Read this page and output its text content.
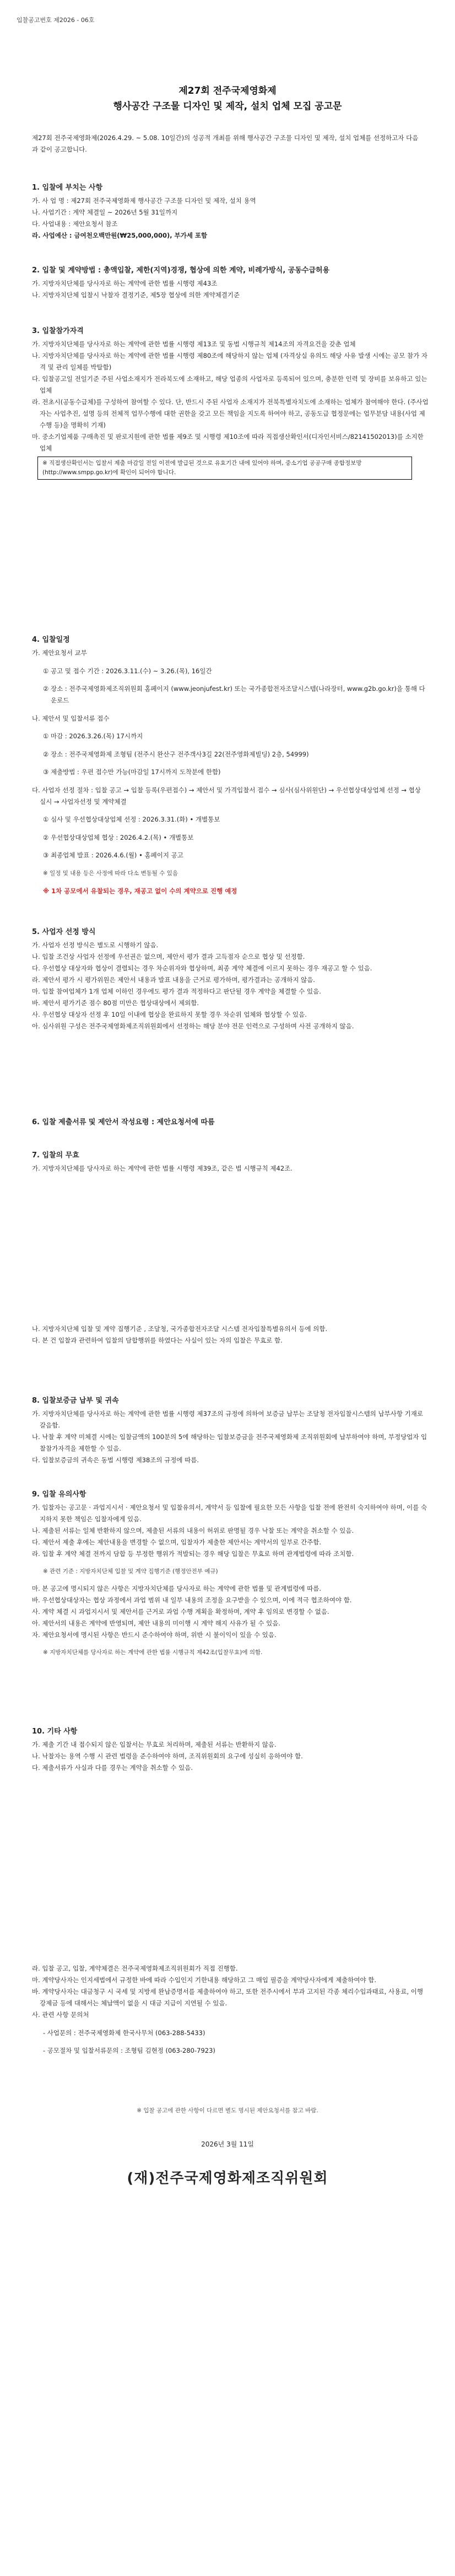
입찰공고번호 제2026 - 06호
제27회 전주국제영화제
행사공간 구조물 디자인 및 제작, 설치 업체 모집 공고문
제27회 전주국제영화제(2026.4.29. ~ 5.08. 10일간)의 성공적 개최를 위해 행사공간 구조물 디자인 및 제작, 설치 업체를 선정하고자 다음과 같이 공고합니다.
1. 입찰에 부치는 사항

가. 사 업 명 : 제27회 전주국제영화제 행사공간 구조물 디자인 및 제작, 설치 용역

나. 사업기간 : 계약 체결일 ~ 2026년 5월 31일까지

다. 사업내용 : 제안요청서 참조

라. 사업예산 : 금여천오백만원(₩25,000,000), 부가세 포함

2. 입찰 및 계약방법 : 총액입찰, 제한(지역)경쟁, 협상에 의한 계약, 비례가방식, 공동수급허용

가. 지방자치단체를 당사자로 하는 계약에 관한 법률 시행령 제43조

나. 지방자치단체 입찰시 낙찰자 결정기준, 제5장 협상에 의한 계약체결기준

3. 입찰참가자격

가. 지방자치단체를 당사자로 하는 계약에 관한 법률 시행령 제13조 및 동법 시행규칙 제14조의 자격요건을 갖춘 업체

나. 지방자치단체를 당사자로 하는 계약에 관한 법률 시행령 제80조에 해당하지 않는 업체 (자격상실 유의도 해당 사유 발생 시에는 공모 참가 자격 및 관리 일체를 박탈함)

다. 입찰공고일 전일기준 주된 사업소재지가 전라북도에 소재하고, 해당 업종의 사업자로 등록되어 있으며, 충분한 인력 및 장비를 보유하고 있는 업체

라. 전초시(공동수급체)를 구성하여 참여할 수 있다. 단, 반드시 주된 사업자 소재지가 전북특별자치도에 소재하는 업체가 참여해야 한다. (주사업자는 사업추진, 설명 등의 전체적 업무수행에 대한 권한을 갖고 모든 책임을 지도록 하여야 하고, 공동도급 협정문에는 업무분담 내용(사업 제수행 등)을 명확히 기재)

마. 중소기업제품 구매촉진 및 판로지원에 관한 법률 제9조 및 시행령 제10조에 따라 직접생산확인서(디자인서비스/82141502013)를 소지한 업체

※ 직접생산확인서는 입찰서 제출 마감일 전일 이전에 발급된 것으로 유효기간 내에 있어야 하며, 중소기업 공공구매 종합정보망(http://www.smpp.go.kr)에 확인이 되어야 합니다.
4. 입찰일정

가. 제안요청서 교부

① 공고 및 접수 기간 : 2026.3.11.(수) ~ 3.26.(목), 16일간

② 장소 : 전주국제영화제조직위원회 홈페이지 (www.jeonjufest.kr) 또는 국가종합전자조달시스템(나라장터, www.g2b.go.kr)을 통해 다운로드

나. 제안서 및 입찰서류 접수

① 마감 : 2026.3.26.(목) 17시까지

② 장소 : 전주국제영화제 조형팀 (전주시 완산구 전주객사3길 22(전주영화제빌딩) 2층, 54999)

③ 제출방법 : 우편 접수만 가능(마감일 17시까지 도착분에 한함)

다. 사업자 선정 절차 : 입찰 공고 → 입찰 등록(우편접수) → 제안서 및 가격입찰서 접수 → 심사(심사위원단) → 우선협상대상업체 선정 → 협상 실시 → 사업자선정 및 계약체결

① 심사 및 우선협상대상업체 선정 : 2026.3.31.(화) • 개별통보

② 우선협상대상업체 협상 : 2026.4.2.(목) • 개별통보

③ 최종업체 발표 : 2026.4.6.(월) • 홈페이지 공고

※ 일정 및 내용 등은 사정에 따라 다소 변동될 수 있음

※ 1차 공모에서 유찰되는 경우, 재공고 없이 수의 계약으로 진행 예정

5. 사업자 선정 방식

가. 사업자 선정 방식은 별도로 시행하기 않음.

나. 입찰 조건상 사업자 선정에 우선권은 없으며, 제안서 평가 결과 고득점자 순으로 협상 및 선정함.

다. 우선협상 대상자와 협상이 결렬되는 경우 차순위자와 협상하며, 최종 계약 체결에 이르지 못하는 경우 재공고 할 수 있음.

라. 제안서 평가 시 평가위원은 제안서 내용과 발표 내용을 근거로 평가하며, 평가결과는 공개하지 않음.

마. 입찰 참여업체가 1개 업체 이하인 경우에도 평가 결과 적정하다고 판단될 경우 계약을 체결할 수 있음.

바. 제안서 평가기준 점수 80점 미만은 협상대상에서 제외함.

사. 우선협상 대상자 선정 후 10일 이내에 협상을 완료하지 못할 경우 차순위 업체와 협상할 수 있음.

아. 심사위원 구성은 전주국제영화제조직위원회에서 선정하는 해당 분야 전문 인력으로 구성하며 사전 공개하지 않음.

6. 입찰 제출서류 및 제안서 작성요령 : 제안요청서에 따름
7. 입찰의 무효

가. 지방자치단체를 당사자로 하는 계약에 관한 법률 시행령 제39조, 같은 법 시행규칙 제42조.

나. 지방자치단체 입찰 및 계약 집행기준 , 조달청, 국가종합전자조달 시스템 전자입찰특별유의서 등에 의함.

다. 본 건 입찰과 관련하여 입찰의 담합행위를 하였다는 사실이 있는 자의 입찰은 무효로 함.

8. 입찰보증금 납부 및 귀속

가. 지방자치단체를 당사자로 하는 계약에 관한 법률 시행령 제37조의 규정에 의하여 보증금 납부는 조달청 전자입찰시스템의 납부사항 기재로 갈음함.

나. 낙찰 후 계약 미체결 시에는 입찰금액의 100분의 5에 해당하는 입찰보증금을 전주국제영화제 조직위원회에 납부하여야 하며, 부정당업자 입찰참가자격을 제한할 수 있음.

다. 입찰보증금의 귀속은 동법 시행령 제38조의 규정에 따름.

9. 입찰 유의사항

가. 입찰자는 공고문 · 과업지시서 · 제안요청서 및 입찰유의서, 계약서 등 입찰에 필요한 모든 사항을 입찰 전에 완전히 숙지하여야 하며, 이를 숙지하지 못한 책임은 입찰자에게 있음.

나. 제출된 서류는 일체 반환하지 않으며, 제출된 서류의 내용이 허위로 판명될 경우 낙찰 또는 계약을 취소할 수 있음.

다. 제안서 제출 후에는 제안내용을 변경할 수 없으며, 입찰자가 제출한 제안서는 계약서의 일부로 간주함.

라. 입찰 후 계약 체결 전까지 담합 등 부정한 행위가 적발되는 경우 해당 입찰은 무효로 하며 관계법령에 따라 조치함.

※ 관련 기준 : 지방자치단체 입찰 및 계약 집행기준 (행정안전부 예규)

마. 본 공고에 명시되지 않은 사항은 지방자치단체를 당사자로 하는 계약에 관한 법률 및 관계법령에 따름.

바. 우선협상대상자는 협상 과정에서 과업 범위 내 일부 내용의 조정을 요구받을 수 있으며, 이에 적극 협조하여야 함.

사. 계약 체결 시 과업지시서 및 제안서를 근거로 과업 수행 계획을 확정하며, 계약 후 임의로 변경할 수 없음.

아. 제안서의 내용은 계약에 반영되며, 제안 내용의 미이행 시 계약 해지 사유가 될 수 있음.

자. 제안요청서에 명시된 사항은 반드시 준수하여야 하며, 위반 시 불이익이 있을 수 있음.

※ 지방자치단체를 당사자로 하는 계약에 관한 법률 시행규칙 제42조(입찰무효)에 의함.

10. 기타 사항

가. 제출 기간 내 접수되지 않은 입찰서는 무효로 처리하며, 제출된 서류는 반환하지 않음.

나. 낙찰자는 용역 수행 시 관련 법령을 준수하여야 하며, 조직위원회의 요구에 성실히 응하여야 함.

다. 제출서류가 사실과 다를 경우는 계약을 취소할 수 있음.

라. 입찰 공고, 입찰, 계약체결은 전주국제영화제조직위원회가 직접 진행함.

마. 계약당사자는 인지세법에서 규정한 바에 따라 수입인지 기한내용 해당하고 그 매입 필증을 계약당사자에게 제출하여야 함.

바. 계약당사자는 대금청구 시 국세 및 지방세 완납증명서를 제출하여야 하고, 또한 전주시에서 부과 고지된 각종 체리수입과태료, 사용료, 이행강제금 등에 대해서는 체납액이 없을 시 대금 지급이 지연될 수 있음.

사. 관련 사항 문의처

- 사업문의 : 전주국제영화제 한국사무처 (063-288-5433)

- 공모절차 및 입찰서류문의 : 조형팀 김현정 (063-280-7923)

※ 입찰 공고에 관한 사항이 다르면 별도 명시된 제안요청서를 참고 바람.
2026년 3월 11일
(재)전주국제영화제조직위원회
